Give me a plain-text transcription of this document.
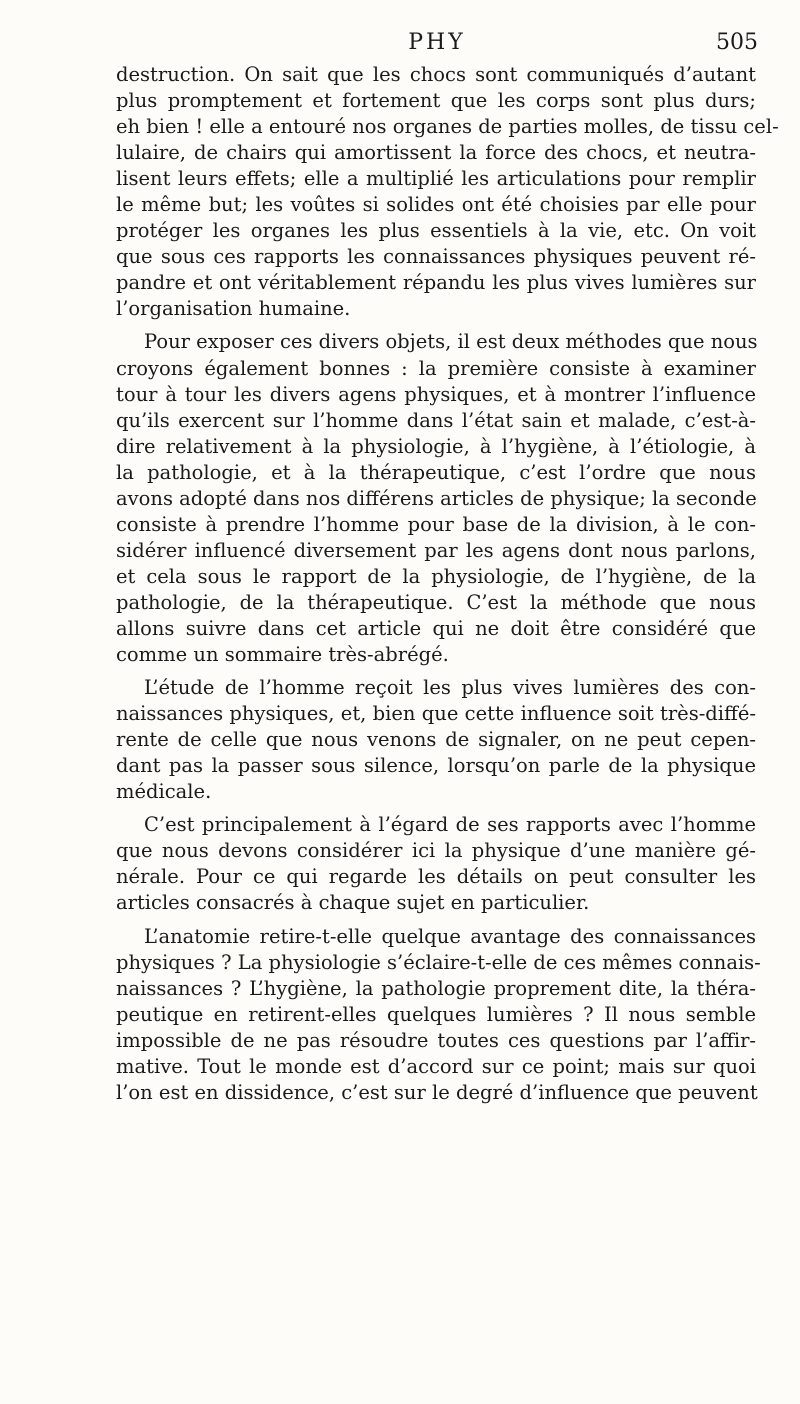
PHY	505
destruction. On sait que les chocs sont communiqués d’autant
plus promptement et fortement que les corps sont plus durs;
eh bien ! elle a entouré nos organes de parties molles, de tissu cel-
lulaire, de chairs qui amortissent la force des chocs, et neutra-
lisent leurs effets; elle a multiplié les articulations pour remplir
le même but; les voûtes si solides ont été choisies par elle pour
protéger les organes les plus essentiels à la vie, etc. On voit
que sous ces rapports les connaissances physiques peuvent ré-
pandre et ont véritablement répandu les plus vives lumières sur
l’organisation humaine.
Pour exposer ces divers objets, il est deux méthodes que nous
croyons également bonnes : la première consiste à examiner
tour à tour les divers agens physiques, et à montrer l’influence
qu’ils exercent sur l’homme dans l’état sain et malade, c’est-à-
dire relativement à la physiologie, à l’hygiène, à l’étiologie, à
la pathologie, et à la thérapeutique, c’est l’ordre que nous
avons adopté dans nos différens articles de physique; la seconde
consiste à prendre l’homme pour base de la division, à le con-
sidérer influencé diversement par les agens dont nous parlons,
et cela sous le rapport de la physiologie, de l’hygiène, de la
pathologie, de la thérapeutique. C’est la méthode que nous
allons suivre dans cet article qui ne doit être considéré que
comme un sommaire très-abrégé.
L’étude de l’homme reçoit les plus vives lumières des con-
naissances physiques, et, bien que cette influence soit très-diffé-
rente de celle que nous venons de signaler, on ne peut cepen-
dant pas la passer sous silence, lorsqu’on parle de la physique
médicale.
C’est principalement à l’égard de ses rapports avec l’homme
que nous devons considérer ici la physique d’une manière gé-
nérale. Pour ce qui regarde les détails on peut consulter les
articles consacrés à chaque sujet en particulier.
L’anatomie retire-t-elle quelque avantage des connaissances
physiques ? La physiologie s’éclaire-t-elle de ces mêmes connais-
naissances ? L’hygiène, la pathologie proprement dite, la théra-
peutique en retirent-elles quelques lumières ? Il nous semble
impossible de ne pas résoudre toutes ces questions par l’affir-
mative. Tout le monde est d’accord sur ce point; mais sur quoi
l’on est en dissidence, c’est sur le degré d’influence que peuvent
